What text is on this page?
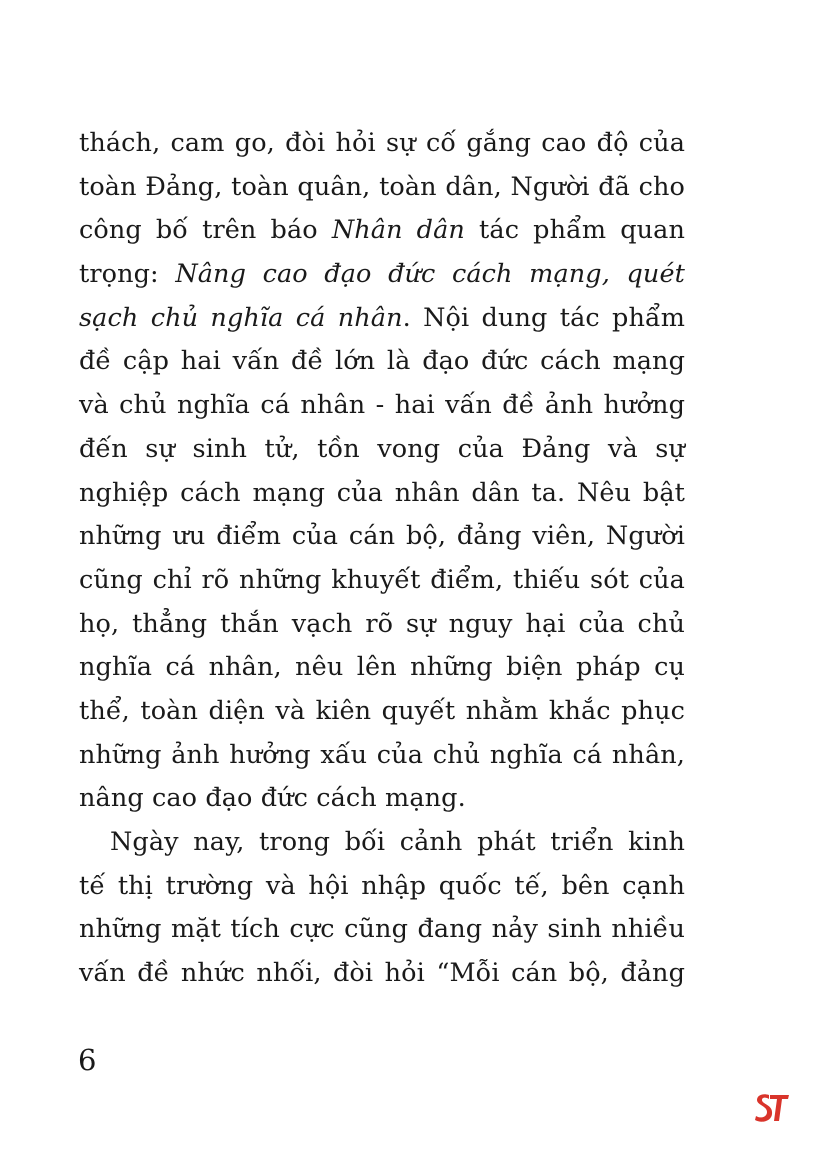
thách, cam go, đòi hỏi sự cố gắng cao độ của
toàn Đảng, toàn quân, toàn dân, Người đã cho
công bố trên báo Nhân dân tác phẩm quan
trọng: Nâng cao đạo đức cách mạng, quét
sạch chủ nghĩa cá nhân. Nội dung tác phẩm
đề cập hai vấn đề lớn là đạo đức cách mạng
và chủ nghĩa cá nhân - hai vấn đề ảnh hưởng
đến sự sinh tử, tồn vong của Đảng và sự
nghiệp cách mạng của nhân dân ta. Nêu bật
những ưu điểm của cán bộ, đảng viên, Người
cũng chỉ rõ những khuyết điểm, thiếu sót của
họ, thẳng thắn vạch rõ sự nguy hại của chủ
nghĩa cá nhân, nêu lên những biện pháp cụ
thể, toàn diện và kiên quyết nhằm khắc phục
những ảnh hưởng xấu của chủ nghĩa cá nhân,
nâng cao đạo đức cách mạng.
Ngày nay, trong bối cảnh phát triển kinh
tế thị trường và hội nhập quốc tế, bên cạnh
những mặt tích cực cũng đang nảy sinh nhiều
vấn đề nhức nhối, đòi hỏi “Mỗi cán bộ, đảng
6
